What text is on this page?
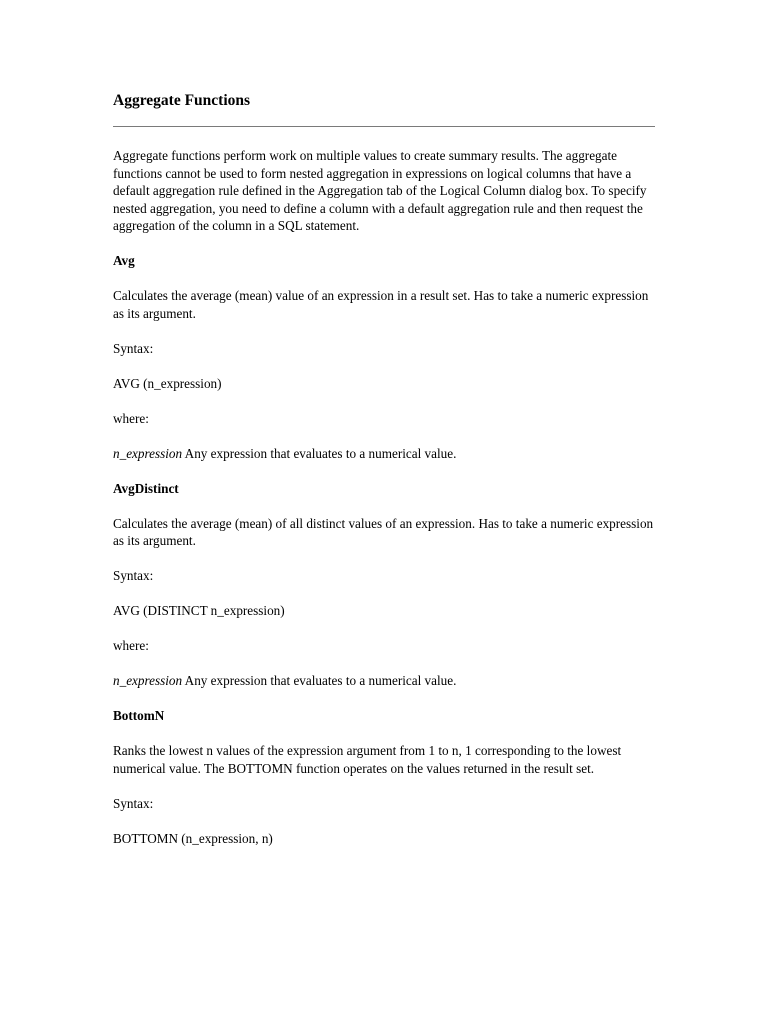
Aggregate Functions

Aggregate functions perform work on multiple values to create summary results. The aggregate functions cannot be used to form nested aggregation in expressions on logical columns that have a default aggregation rule defined in the Aggregation tab of the Logical Column dialog box. To specify nested aggregation, you need to define a column with a default aggregation rule and then request the aggregation of the column in a SQL statement.

Avg

Calculates the average (mean) value of an expression in a result set. Has to take a numeric expression as its argument.

Syntax:

AVG (n_expression)

where:

n_expression Any expression that evaluates to a numerical value.

AvgDistinct

Calculates the average (mean) of all distinct values of an expression. Has to take a numeric expression as its argument.

Syntax:

AVG (DISTINCT n_expression)

where:

n_expression Any expression that evaluates to a numerical value.

BottomN

Ranks the lowest n values of the expression argument from 1 to n, 1 corresponding to the lowest numerical value. The BOTTOMN function operates on the values returned in the result set.

Syntax:

BOTTOMN (n_expression, n)
